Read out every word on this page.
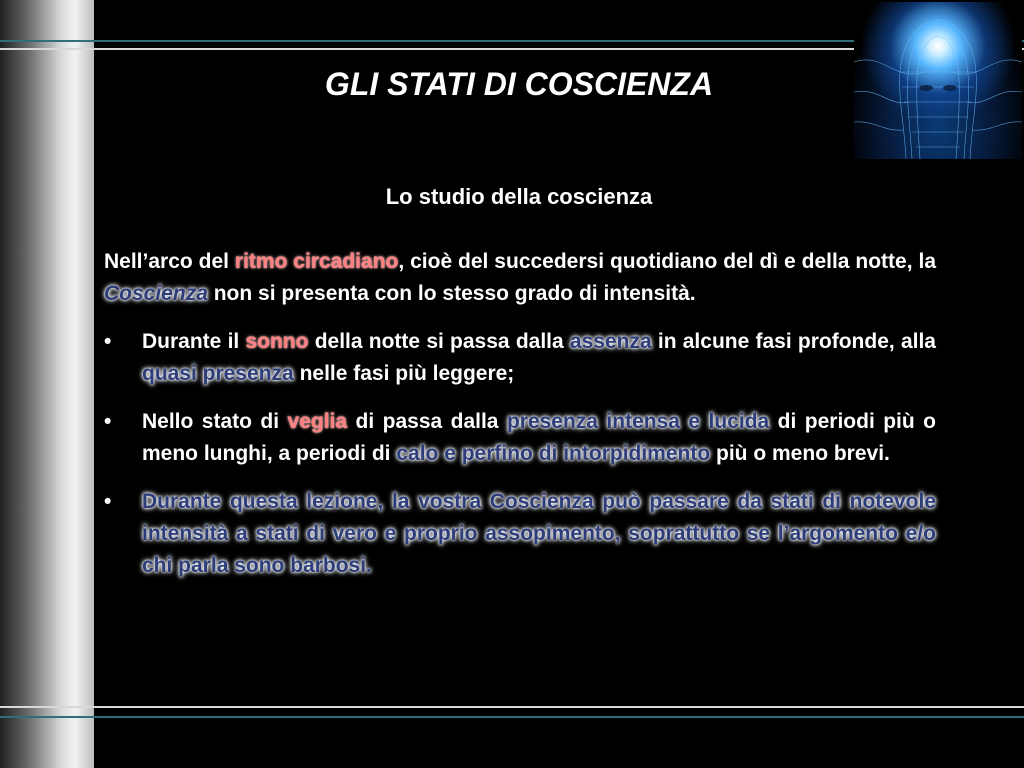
GLI STATI DI COSCIENZA
Lo studio della coscienza

Nell’arco del ritmo circadiano, cioè del succedersi quotidiano del dì e della notte, la Coscienza non si presenta con lo stesso grado di intensità.

• Durante il sonno della notte si passa dalla assenza in alcune fasi profonde, alla quasi presenza nelle fasi più leggere;
• Nello stato di veglia di passa dalla presenza intensa e lucida di periodi più o meno lunghi, a periodi di calo e perfino di intorpidimento più o meno brevi.
• Durante questa lezione, la vostra Coscienza può passare da stati di notevole intensità a stati di vero e proprio assopimento, soprattutto se l’argomento e/o chi parla sono barbosi.
